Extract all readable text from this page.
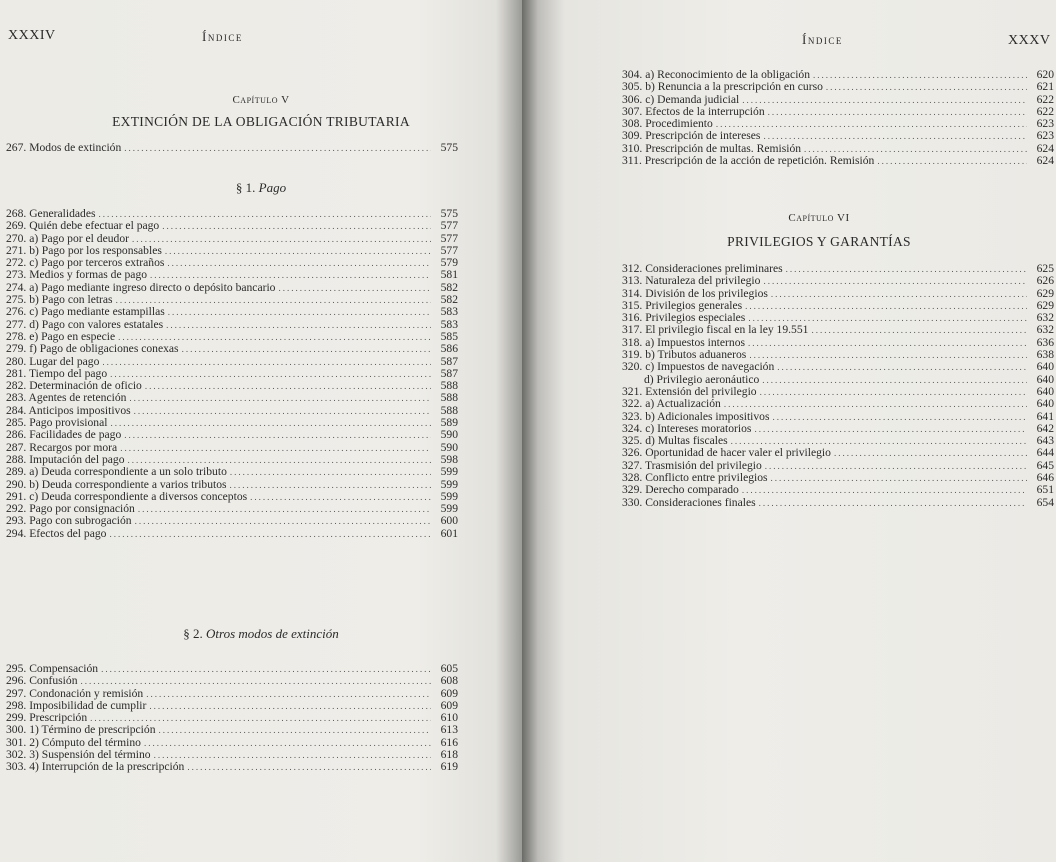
XXXIV	Índice
Capítulo V
EXTINCIÓN DE LA OBLIGACIÓN TRIBUTARIA
267. Modos de extinción .....	575
§ 1. Pago
268. Generalidades .....	575
269. Quién debe efectuar el pago .....	577
270. a) Pago por el deudor .....	577
271. b) Pago por los responsables .....	577
272. c) Pago por terceros extraños .....	579
273. Medios y formas de pago .....	581
274. a) Pago mediante ingreso directo o depósito bancario .....	582
275. b) Pago con letras .....	582
276. c) Pago mediante estampillas .....	583
277. d) Pago con valores estatales .....	583
278. e) Pago en especie .....	585
279. f) Pago de obligaciones conexas .....	586
280. Lugar del pago .....	587
281. Tiempo del pago .....	587
282. Determinación de oficio .....	588
283. Agentes de retención .....	588
284. Anticipos impositivos .....	588
285. Pago provisional .....	589
286. Facilidades de pago .....	590
287. Recargos por mora .....	590
288. Imputación del pago .....	598
289. a) Deuda correspondiente a un solo tributo .....	599
290. b) Deuda correspondiente a varios tributos .....	599
291. c) Deuda correspondiente a diversos conceptos .....	599
292. Pago por consignación .....	599
293. Pago con subrogación .....	600
294. Efectos del pago .....	601
§ 2. Otros modos de extinción
295. Compensación .....	605
296. Confusión .....	608
297. Condonación y remisión .....	609
298. Imposibilidad de cumplir .....	609
299. Prescripción .....	610
300. 1) Término de prescripción .....	613
301. 2) Cómputo del término .....	616
302. 3) Suspensión del término .....	618
303. 4) Interrupción de la prescripción .....	619
Índice	XXXV
304. a) Reconocimiento de la obligación .....	620
305. b) Renuncia a la prescripción en curso .....	621
306. c) Demanda judicial .....	622
307. Efectos de la interrupción .....	622
308. Procedimiento .....	623
309. Prescripción de intereses .....	623
310. Prescripción de multas. Remisión .....	624
311. Prescripción de la acción de repetición. Remisión .....	624
Capítulo VI
PRIVILEGIOS Y GARANTÍAS
312. Consideraciones preliminares .....	625
313. Naturaleza del privilegio .....	626
314. División de los privilegios .....	629
315. Privilegios generales .....	629
316. Privilegios especiales .....	632
317. El privilegio fiscal en la ley 19.551 .....	632
318. a) Impuestos internos .....	636
319. b) Tributos aduaneros .....	638
320. c) Impuestos de navegación .....	640
d) Privilegio aeronáutico .....	640
321. Extensión del privilegio .....	640
322. a) Actualización .....	640
323. b) Adicionales impositivos .....	641
324. c) Intereses moratorios .....	642
325. d) Multas fiscales .....	643
326. Oportunidad de hacer valer el privilegio .....	644
327. Trasmisión del privilegio .....	645
328. Conflicto entre privilegios .....	646
329. Derecho comparado .....	651
330. Consideraciones finales .....	654
